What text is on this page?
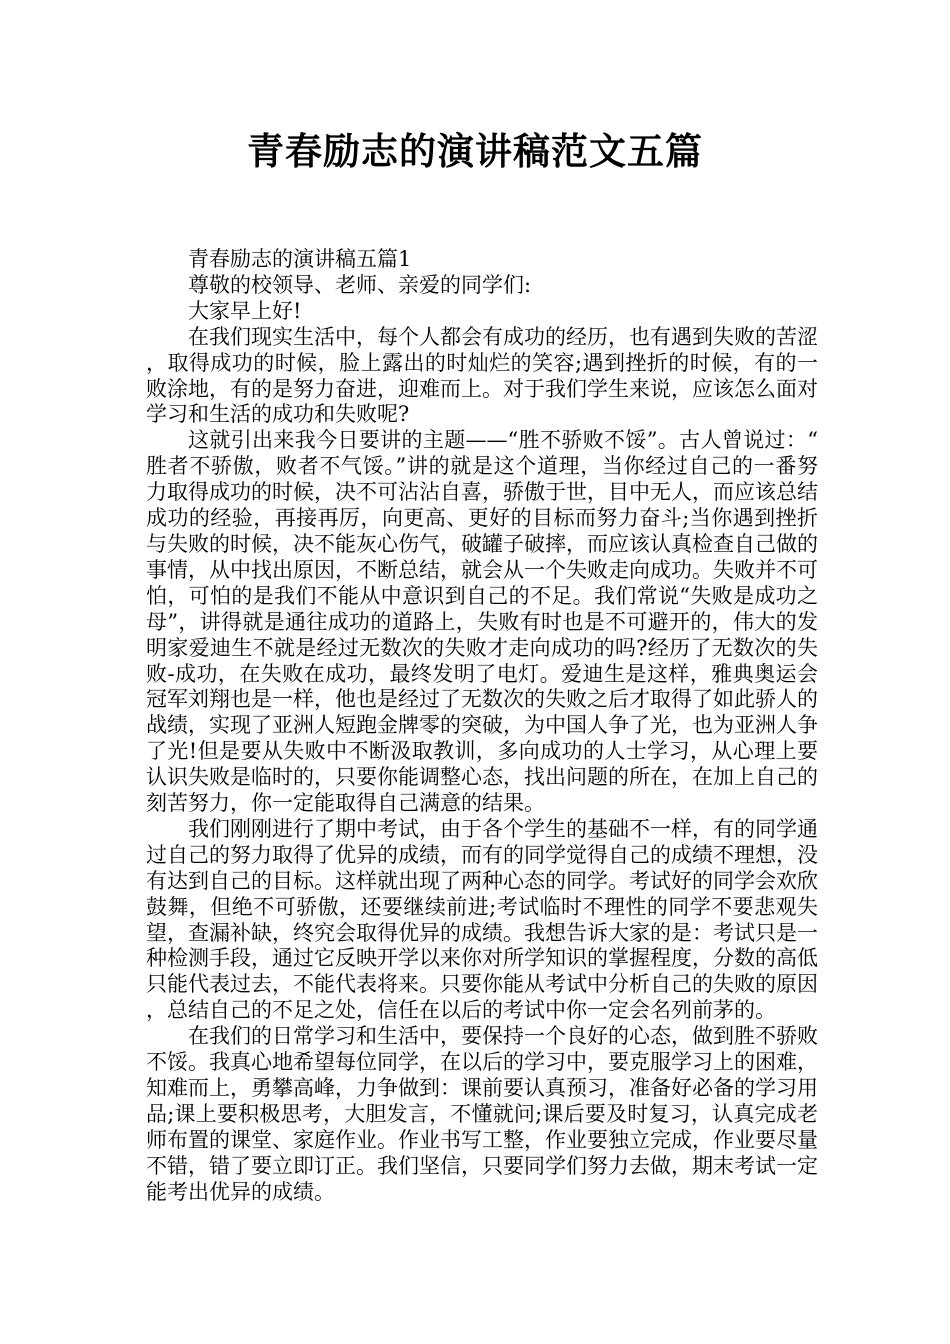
青春励志的演讲稿范文五篇

青春励志的演讲稿五篇1

尊敬的校领导、老师、亲爱的同学们:

大家早上好!

在我们现实生活中，每个人都会有成功的经历，也有遇到失败的苦涩，取得成功的时候，脸上露出的时灿烂的笑容;遇到挫折的时候，有的一败涂地，有的是努力奋进，迎难而上。对于我们学生来说，应该怎么面对学习和生活的成功和失败呢?

这就引出来我今日要讲的主题——“胜不骄败不馁”。古人曾说过：“胜者不骄傲，败者不气馁。”讲的就是这个道理，当你经过自己的一番努力取得成功的时候，决不可沾沾自喜，骄傲于世，目中无人，而应该总结成功的经验，再接再厉，向更高、更好的目标而努力奋斗;当你遇到挫折与失败的时候，决不能灰心伤气，破罐子破摔，而应该认真检查自己做的事情，从中找出原因，不断总结，就会从一个失败走向成功。失败并不可怕，可怕的是我们不能从中意识到自己的不足。我们常说“失败是成功之母”，讲得就是通往成功的道路上，失败有时也是不可避开的，伟大的发明家爱迪生不就是经过无数次的失败才走向成功的吗?经历了无数次的失败-成功，在失败在成功，最终发明了电灯。爱迪生是这样，雅典奥运会冠军刘翔也是一样，他也是经过了无数次的失败之后才取得了如此骄人的战绩，实现了亚洲人短跑金牌零的突破，为中国人争了光，也为亚洲人争了光!但是要从失败中不断汲取教训，多向成功的人士学习，从心理上要认识失败是临时的，只要你能调整心态，找出问题的所在，在加上自己的刻苦努力，你一定能取得自己满意的结果。

我们刚刚进行了期中考试，由于各个学生的基础不一样，有的同学通过自己的努力取得了优异的成绩，而有的同学觉得自己的成绩不理想，没有达到自己的目标。这样就出现了两种心态的同学。考试好的同学会欢欣鼓舞，但绝不可骄傲，还要继续前进;考试临时不理性的同学不要悲观失望，查漏补缺，终究会取得优异的成绩。我想告诉大家的是：考试只是一种检测手段，通过它反映开学以来你对所学知识的掌握程度，分数的高低只能代表过去，不能代表将来。只要你能从考试中分析自己的失败的原因，总结自己的不足之处，信任在以后的考试中你一定会名列前茅的。

在我们的日常学习和生活中，要保持一个良好的心态，做到胜不骄败不馁。我真心地希望每位同学，在以后的学习中，要克服学习上的困难，知难而上，勇攀高峰，力争做到：课前要认真预习，准备好必备的学习用品;课上要积极思考，大胆发言，不懂就问;课后要及时复习，认真完成老师布置的课堂、家庭作业。作业书写工整，作业要独立完成，作业要尽量不错，错了要立即订正。我们坚信，只要同学们努力去做，期末考试一定能考出优异的成绩。
